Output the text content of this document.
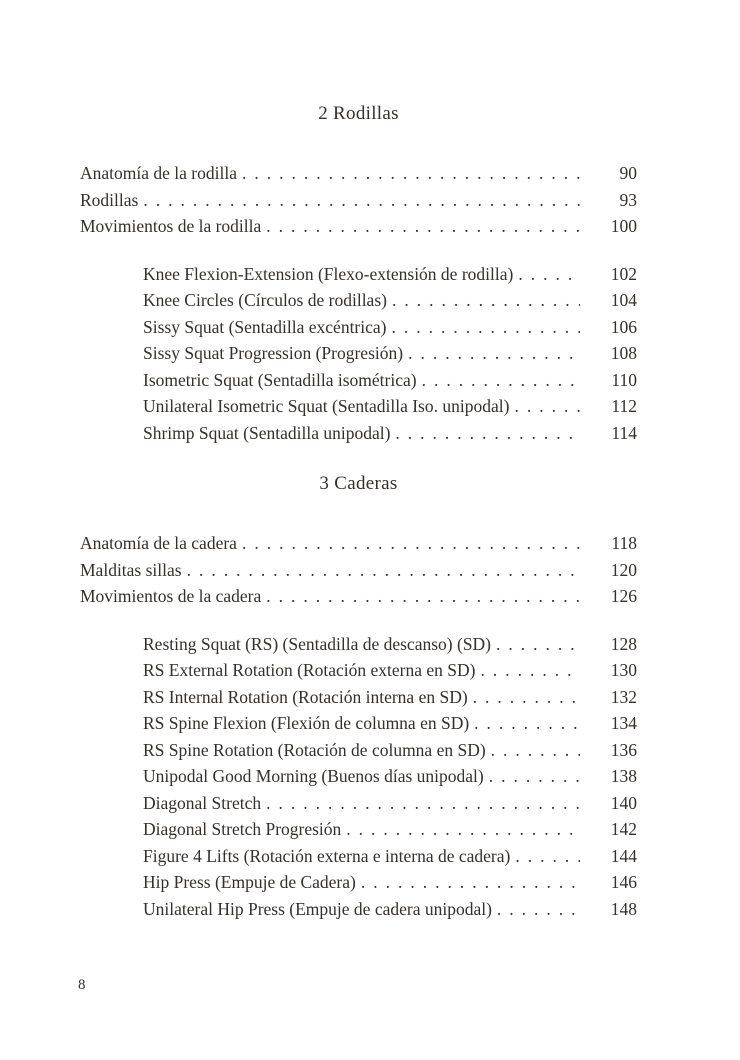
2 Rodillas
Anatomía de la rodilla .....	90
Rodillas .....	93
Movimientos de la rodilla .....	100
Knee Flexion-Extension (Flexo-extensión de rodilla) .....	102
Knee Circles (Círculos de rodillas) .....	104
Sissy Squat (Sentadilla excéntrica) .....	106
Sissy Squat Progression (Progresión) .....	108
Isometric Squat (Sentadilla isométrica) .....	110
Unilateral Isometric Squat (Sentadilla Iso. unipodal) .....	112
Shrimp Squat (Sentadilla unipodal) .....	114
3 Caderas
Anatomía de la cadera .....	118
Malditas sillas .....	120
Movimientos de la cadera .....	126
Resting Squat (RS) (Sentadilla de descanso) (SD) .....	128
RS External Rotation (Rotación externa en SD) .....	130
RS Internal Rotation (Rotación interna en SD) .....	132
RS Spine Flexion (Flexión de columna en SD) .....	134
RS Spine Rotation (Rotación de columna en SD) .....	136
Unipodal Good Morning (Buenos días unipodal) .....	138
Diagonal Stretch .....	140
Diagonal Stretch Progresión .....	142
Figure 4 Lifts (Rotación externa e interna de cadera) .....	144
Hip Press (Empuje de Cadera) .....	146
Unilateral Hip Press (Empuje de cadera unipodal) .....	148
8
